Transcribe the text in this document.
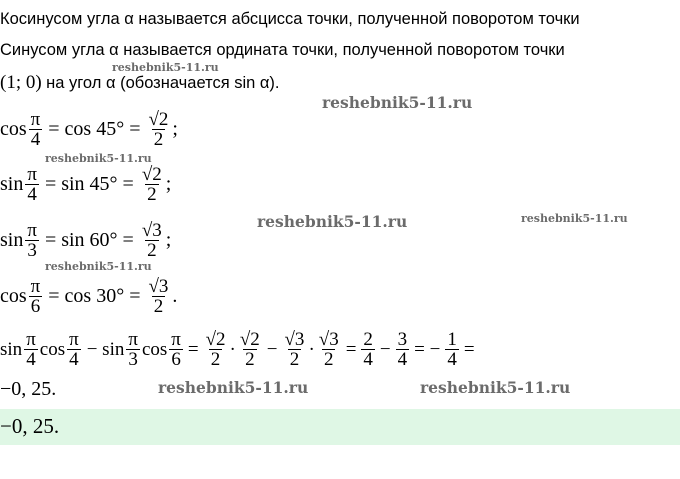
Косинусом угла α называется абсцисса точки, полученной поворотом точки
Синусом угла α называется ордината точки, полученной поворотом точки
(1; 0) на угол α (обозначается sin α).
$\cos \frac{\pi}{4} = \cos 45^\circ = \frac{√2}{2}$ ;
$\sin \frac{\pi}{4} = \sin 45^\circ = \frac{√2}{2}$ ;
$\sin \frac{\pi}{3} = \sin 60^\circ = \frac{√3}{2}$ ;
$\cos \frac{\pi}{6} = \cos 30^\circ = \frac{√3}{2}$ .
$\sin \frac{\pi}{4}$ $\cos \frac{\pi}{4} - \sin \frac{\pi}{3}$ $\cos \frac{\pi}{6} = \frac{√2}{2} \cdot \frac{√2}{2} - \frac{√3}{2} \cdot \frac{√3}{2} = \frac{2}{4} - \frac{3}{4}$ = − $\frac{1}{4}$ =
−0, 25.
−0, 25.
reshebnik5-11.ru
reshebnik5-11.ru
reshebnik5-11.ru
reshebnik5-11.ru	reshebnik5-11.ru
reshebnik5-11.ru
reshebnik5-11.ru	reshebnik5-11.ru
